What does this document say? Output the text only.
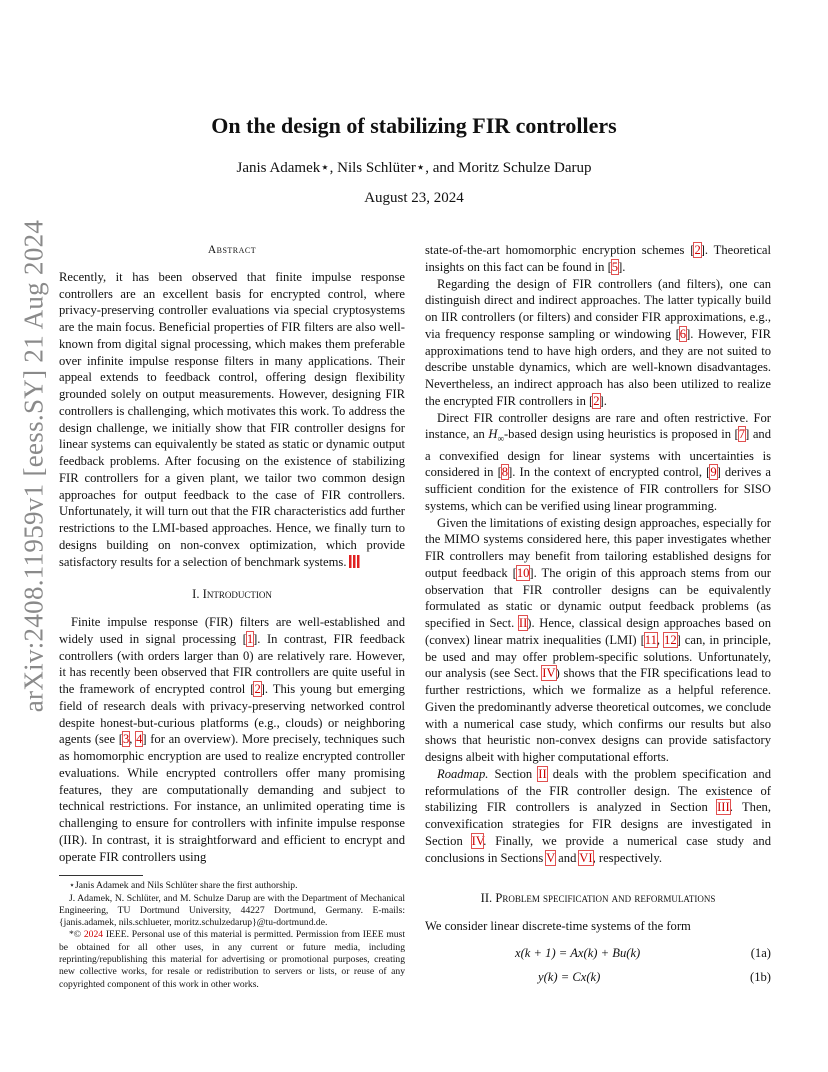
arXiv:2408.11959v1 [eess.SY] 21 Aug 2024
On the design of stabilizing FIR controllers
Janis Adamek⋆, Nils Schlüter⋆, and Moritz Schulze Darup
August 23, 2024
Abstract

Recently, it has been observed that finite impulse response controllers are an excellent basis for encrypted control, where privacy-preserving controller evaluations via special cryptosystems are the main focus. Beneficial properties of FIR filters are also well-known from digital signal processing, which makes them preferable over infinite impulse response filters in many applications. Their appeal extends to feedback control, offering design flexibility grounded solely on output measurements. However, designing FIR controllers is challenging, which motivates this work. To address the design challenge, we initially show that FIR controller designs for linear systems can equivalently be stated as static or dynamic output feedback problems. After focusing on the existence of stabilizing FIR controllers for a given plant, we tailor two common design approaches for output feedback to the case of FIR controllers. Unfortunately, it will turn out that the FIR characteristics add further restrictions to the LMI-based approaches. Hence, we finally turn to designs building on non-convex optimization, which provide satisfactory results for a selection of benchmark systems.

I. Introduction

Finite impulse response (FIR) filters are well-established and widely used in signal processing [1]. In contrast, FIR feedback controllers (with orders larger than 0) are relatively rare. However, it has recently been observed that FIR controllers are quite useful in the framework of encrypted control [2]. This young but emerging field of research deals with privacy-preserving networked control despite honest-but-curious platforms (e.g., clouds) or neighboring agents (see [3, 4] for an overview). More precisely, techniques such as homomorphic encryption are used to realize encrypted controller evaluations. While encrypted controllers offer many promising features, they are computationally demanding and subject to technical restrictions. For instance, an unlimited operating time is challenging to ensure for controllers with infinite impulse response (IIR). In contrast, it is straightforward and efficient to encrypt and operate FIR controllers using

⋆Janis Adamek and Nils Schlüter share the first authorship.

J. Adamek, N. Schlüter, and M. Schulze Darup are with the Department of Mechanical Engineering, TU Dortmund University, 44227 Dortmund, Germany. E-mails: {janis.adamek, nils.schlueter, moritz.schulzedarup}@tu-dortmund.de.

*© 2024 IEEE. Personal use of this material is permitted. Permission from IEEE must be obtained for all other uses, in any current or future media, including reprinting/republishing this material for advertising or promotional purposes, creating new collective works, for resale or redistribution to servers or lists, or reuse of any copyrighted component of this work in other works.

state-of-the-art homomorphic encryption schemes [2]. Theoretical insights on this fact can be found in [5].

Regarding the design of FIR controllers (and filters), one can distinguish direct and indirect approaches. The latter typically build on IIR controllers (or filters) and consider FIR approximations, e.g., via frequency response sampling or windowing [6]. However, FIR approximations tend to have high orders, and they are not suited to describe unstable dynamics, which are well-known disadvantages. Nevertheless, an indirect approach has also been utilized to realize the encrypted FIR controllers in [2].

Direct FIR controller designs are rare and often restrictive. For instance, an $H_\infty$-based design using heuristics is proposed in [7] and a convexified design for linear systems with uncertainties is considered in [8]. In the context of encrypted control, [9] derives a sufficient condition for the existence of FIR controllers for SISO systems, which can be verified using linear programming.

Given the limitations of existing design approaches, especially for the MIMO systems considered here, this paper investigates whether FIR controllers may benefit from tailoring established designs for output feedback [10]. The origin of this approach stems from our observation that FIR controller designs can be equivalently formulated as static or dynamic output feedback problems (as specified in Sect. II). Hence, classical design approaches based on (convex) linear matrix inequalities (LMI) [11, 12] can, in principle, be used and may offer problem-specific solutions. Unfortunately, our analysis (see Sect. IV) shows that the FIR specifications lead to further restrictions, which we formalize as a helpful reference. Given the predominantly adverse theoretical outcomes, we conclude with a numerical case study, which confirms our results but also shows that heuristic non-convex designs can provide satisfactory designs albeit with higher computational efforts.

Roadmap. Section II deals with the problem specification and reformulations of the FIR controller design. The existence of stabilizing FIR controllers is analyzed in Section III. Then, convexification strategies for FIR designs are investigated in Section IV. Finally, we provide a numerical case study and conclusions in Sections V and VI, respectively.

II. Problem specification and reformulations

We consider linear discrete-time systems of the form

x(k + 1) = Ax(k) + Bu(k)	(1a)
y(k) = Cx(k)	(1b)
